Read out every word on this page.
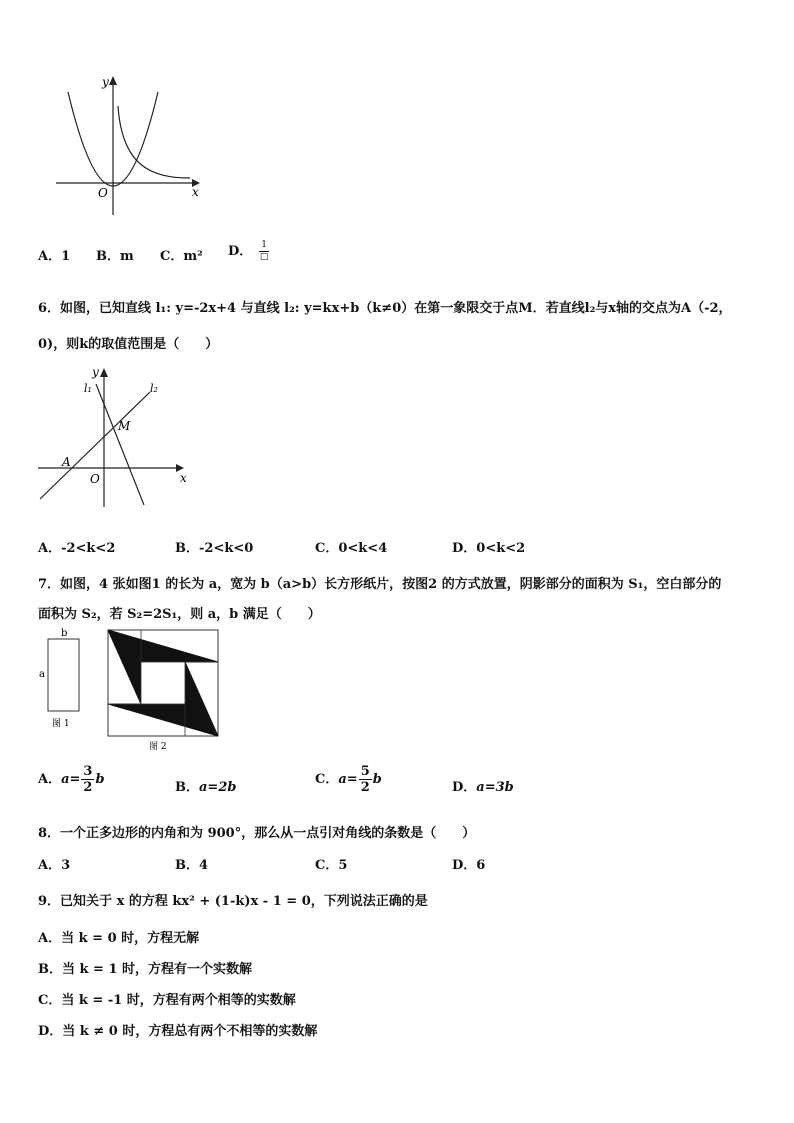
y
x
O
A．1 B．m C．m² D． $\frac{1}{□}$
6．如图，已知直线 l₁: y=-2x+4 与直线 l₂: y=kx+b（k≠0）在第一象限交于点M．若直线l₂与x轴的交点为A（-2，
0)，则k的取值范围是（　　）
y
x
O
l₁	l₂
M
A
A．-2<k<2	B．-2<k<0	C．0<k<4	D．0<k<2
7．如图，4 张如图1 的长为 a，宽为 b（a>b）长方形纸片，按图2 的方式放置，阴影部分的面积为 S₁，空白部分的
面积为 S₂，若 S₂=2S₁，则 a，b 满足（　　）
b
a
图 1
图 2
A．$a= \frac{3}{2}$ b
B．a=2b
C．$a= \frac{5}{2}$ b
D．a=3b
8．一个正多边形的内角和为 900°，那么从一点引对角线的条数是（　　）
A．3	B．4	C．5	D．6
9．已知关于 x 的方程 kx² + (1-k)x - 1 = 0，下列说法正确的是
A．当 k = 0 时，方程无解
B．当 k = 1 时，方程有一个实数解
C．当 k = -1 时，方程有两个相等的实数解
D．当 k ≠ 0 时，方程总有两个不相等的实数解
